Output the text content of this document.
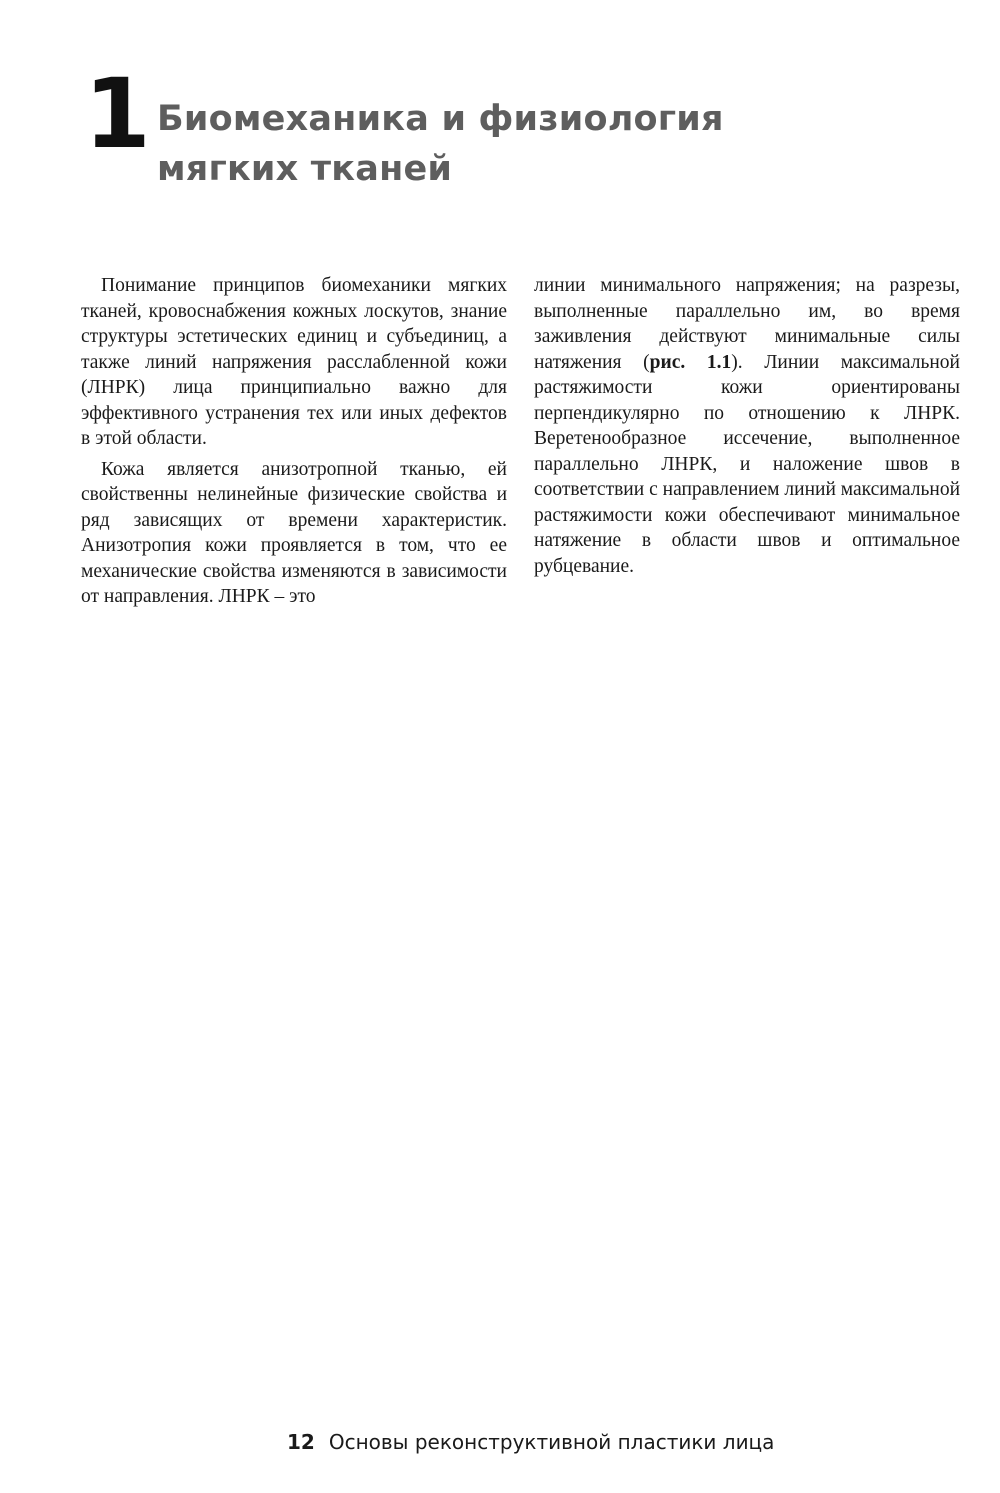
1 Биомеханика и физиология
мягких тканей

Понимание принципов биомеханики мягких тканей, кровоснабжения кожных лоскутов, знание структуры эстетических единиц и субъединиц, а также линий напряжения расслабленной кожи (ЛНРК) лица принципиально важно для эффективного устранения тех или иных дефектов в этой области.

Кожа является анизотропной тканью, ей свойственны нелинейные физические свойства и ряд зависящих от времени характеристик. Анизотропия кожи проявляется в том, что ее механические свойства изменяются в зависимости от направления. ЛНРК – это

линии минимального напряжения; на разрезы, выполненные параллельно им, во время заживления действуют минимальные силы натяжения (рис. 1.1). Линии максимальной растяжимости кожи ориентированы перпендикулярно по отношению к ЛНРК. Веретенообразное иссечение, выполненное параллельно ЛНРК, и наложение швов в соответствии с направлением линий максимальной растяжимости кожи обеспечивают минимальное натяжение в области швов и оптимальное рубцевание.

12 Основы реконструктивной пластики лица
